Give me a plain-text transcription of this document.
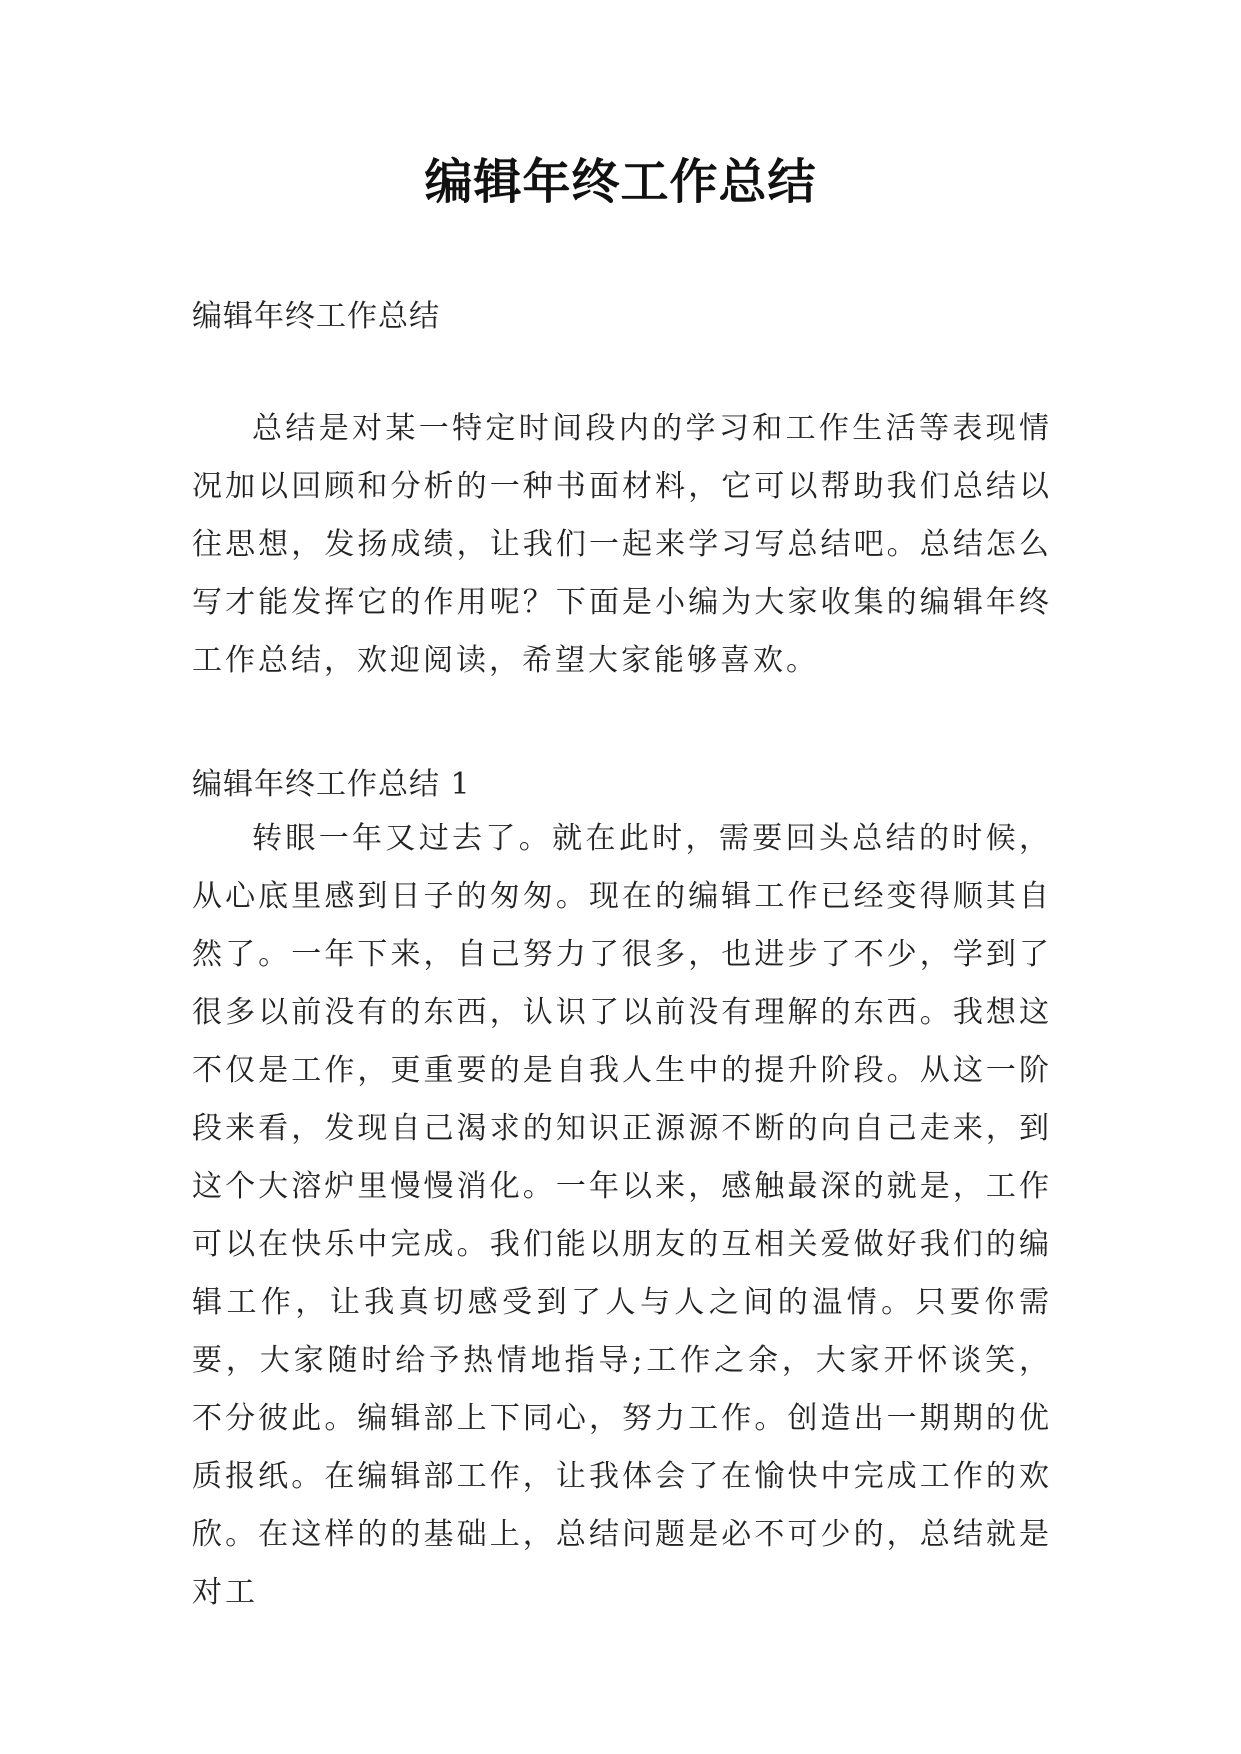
编辑年终工作总结

编辑年终工作总结

总结是对某一特定时间段内的学习和工作生活等表现情况加以回顾和分析的一种书面材料，它可以帮助我们总结以往思想，发扬成绩，让我们一起来学习写总结吧。总结怎么写才能发挥它的作用呢？下面是小编为大家收集的编辑年终工作总结，欢迎阅读，希望大家能够喜欢。

编辑年终工作总结 1

转眼一年又过去了。就在此时，需要回头总结的时候，从心底里感到日子的匆匆。现在的编辑工作已经变得顺其自然了。一年下来，自己努力了很多，也进步了不少，学到了很多以前没有的东西，认识了以前没有理解的东西。我想这不仅是工作，更重要的是自我人生中的提升阶段。从这一阶段来看，发现自己渴求的知识正源源不断的向自己走来，到这个大溶炉里慢慢消化。一年以来，感触最深的就是，工作可以在快乐中完成。我们能以朋友的互相关爱做好我们的编辑工作，让我真切感受到了人与人之间的温情。只要你需要，大家随时给予热情地指导;工作之余，大家开怀谈笑，不分彼此。编辑部上下同心，努力工作。创造出一期期的优质报纸。在编辑部工作，让我体会了在愉快中完成工作的欢欣。在这样的的基础上，总结问题是必不可少的，总结就是对工
